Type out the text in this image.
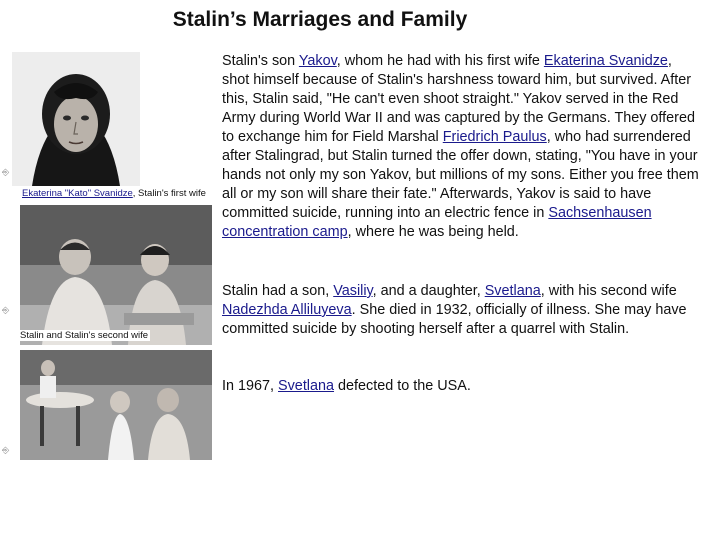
Stalin’s Marriages and Family
Ekaterina "Kato" Svanidze, Stalin's first wife
⎆
Stalin and Stalin's second wife
⎆
⎆

Stalin's son Yakov, whom he had with his first wife Ekaterina Svanidze, shot himself because of Stalin's harshness toward him, but survived. After this, Stalin said, "He can't even shoot straight." Yakov served in the Red Army during World War II and was captured by the Germans. They offered to exchange him for Field Marshal Friedrich Paulus, who had surrendered after Stalingrad, but Stalin turned the offer down, stating, "You have in your hands not only my son Yakov, but millions of my sons. Either you free them all or my son will share their fate." Afterwards, Yakov is said to have committed suicide, running into an electric fence in Sachsenhausen concentration camp, where he was being held.

Stalin had a son, Vasiliy, and a daughter, Svetlana, with his second wife Nadezhda Alliluyeva. She died in 1932, officially of illness. She may have committed suicide by shooting herself after a quarrel with Stalin.

In 1967, Svetlana defected to the USA.
